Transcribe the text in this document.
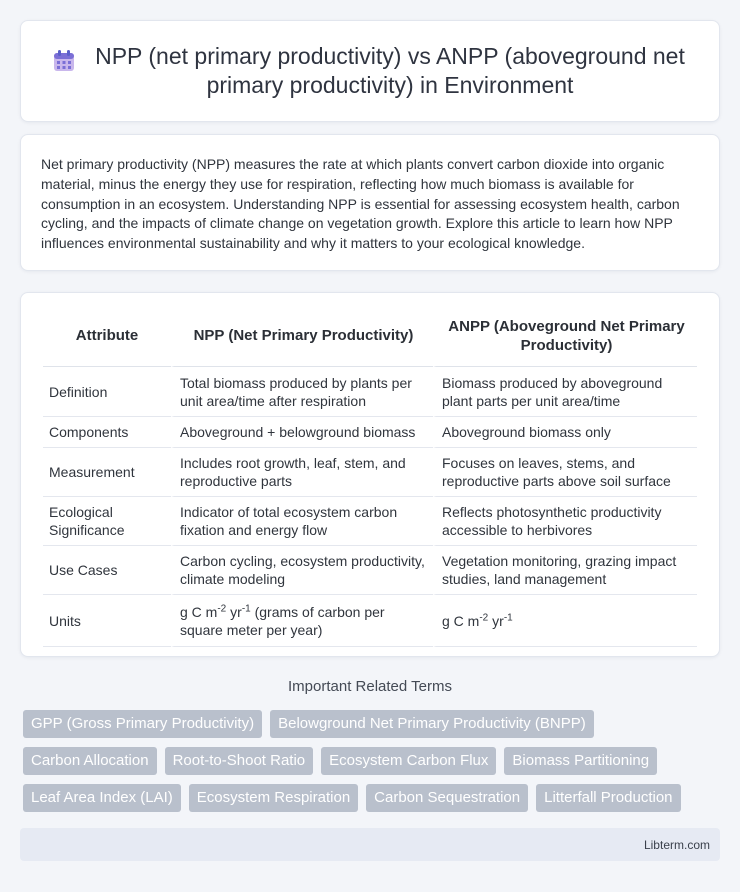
NPP (net primary productivity) vs ANPP (aboveground net primary productivity) in Environment

Net primary productivity (NPP) measures the rate at which plants convert carbon dioxide into organic material, minus the energy they use for respiration, reflecting how much biomass is available for consumption in an ecosystem. Understanding NPP is essential for assessing ecosystem health, carbon cycling, and the impacts of climate change on vegetation growth. Explore this article to learn how NPP influences environmental sustainability and why it matters to your ecological knowledge.

Attribute	NPP (Net Primary Productivity)	ANPP (Aboveground Net Primary Productivity)
Definition	Total biomass produced by plants per unit area/time after respiration	Biomass produced by aboveground plant parts per unit area/time
Components	Aboveground + belowground biomass	Aboveground biomass only
Measurement	Includes root growth, leaf, stem, and reproductive parts	Focuses on leaves, stems, and reproductive parts above soil surface
Ecological Significance	Indicator of total ecosystem carbon fixation and energy flow	Reflects photosynthetic productivity accessible to herbivores
Use Cases	Carbon cycling, ecosystem productivity, climate modeling	Vegetation monitoring, grazing impact studies, land management
Units	g C $m^{-2}$ $yr^{-1}$ (grams of carbon per square meter per year)	g C $m^{-2}$ $yr^{-1}$
Important Related Terms
GPP (Gross Primary Productivity)	Belowground Net Primary Productivity (BNPP)
Carbon Allocation	Root-to-Shoot Ratio	Ecosystem Carbon Flux	Biomass Partitioning
Leaf Area Index (LAI)	Ecosystem Respiration	Carbon Sequestration	Litterfall Production
Libterm.com
